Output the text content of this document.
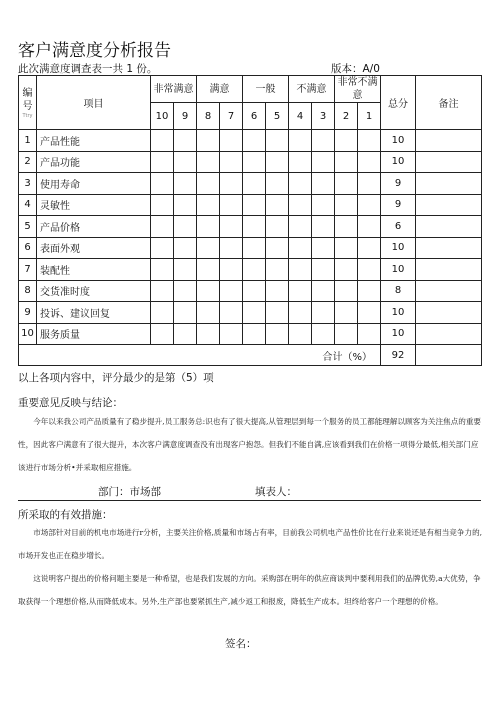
客户满意度分析报告
此次满意度调查表一共 1 份。	版本：A/0
编号
Ttry	项目	非常满意		满意		一般		不满意		非常不满意		总分	备注
		10	9	8	7	6	5	4	3	2	1		
1	产品性能											10	
2	产品功能											10	
3	使用寿命											9	
4	灵敏性											9	
5	产品价格											6	
6	表面外观											10	
7	装配性											10	
8	交货准时度											8	
9	投诉、建议回复											10	
10	服务质量											10	
合计（%）												92	
以上各项内容中，评分最少的是第（5）项
重要意见反映与结论：
今年以来我公司产品质量有了稳步提升,员工服务总:识也有了很大提高,从管理层到每一个服务的员工都能理解以顾客为关注焦点的重要性，因此客户满意有了很大提升，本次客户满意度调查没有出现客户抱怨。但我们不能自满,应该看到我们在价格一项得分最低,相关部门应该进行市场分析•并采取相应措施。
部门：市场部	填表人：
所采取的有效措施：
市场部针对目前的机电市场进行r分析，主要关注价格,质量和市场占有率，目前我公司机电产品性价比在行业来说还是有相当竞争力的,市场开发也正在稳步增长。
这说明客户提出的价格问题主要是一种希望，也是我们发展的方向。采购部在明年的供应商谈判中要利用我们的品牌优势,a大优势，争取获得一个理想价格,从而降低成本。另外,生产部也要紧抓生产,减少返工和报废，降低生产成本。坦终给客户一个理想的价格。
签名：
